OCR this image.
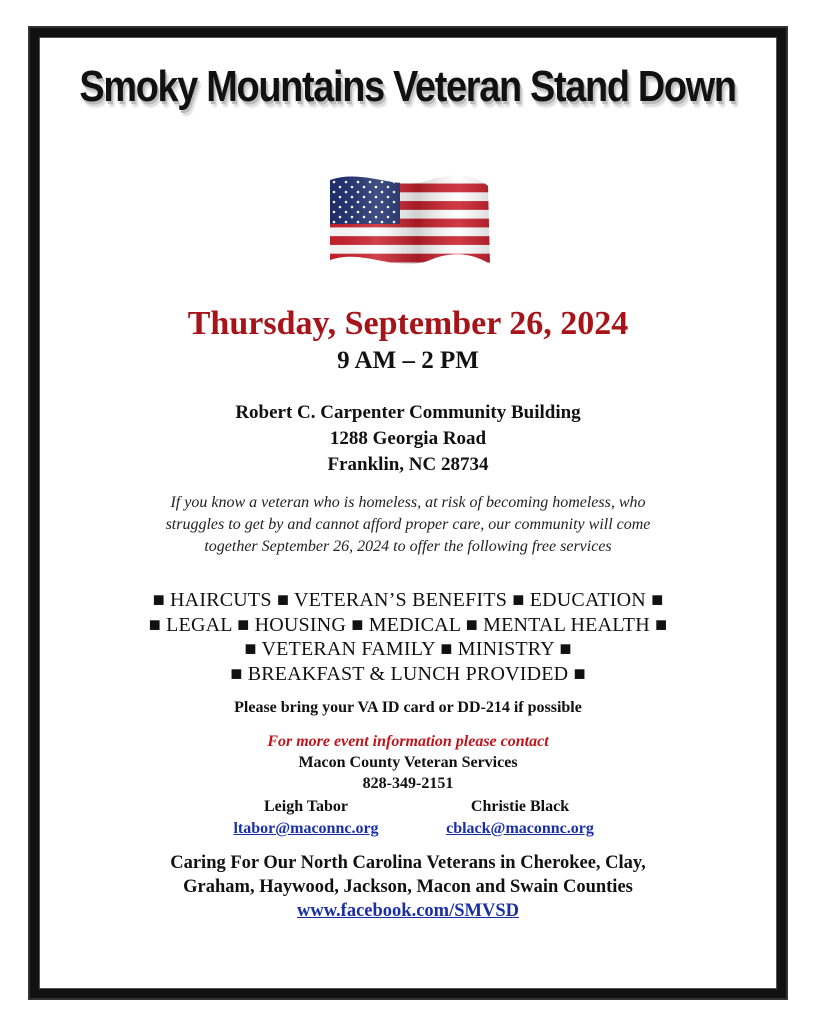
Smoky Mountains Veteran Stand Down
Thursday, September 26, 2024
9 AM – 2 PM
Robert C. Carpenter Community Building
1288 Georgia Road
Franklin, NC 28734
If you know a veteran who is homeless, at risk of becoming homeless, who
struggles to get by and cannot afford proper care, our community will come
together September 26, 2024 to offer the following free services
■ HAIRCUTS ■ VETERAN’S BENEFITS ■ EDUCATION ■
■ LEGAL ■ HOUSING ■ MEDICAL ■ MENTAL HEALTH ■
■ VETERAN FAMILY ■ MINISTRY ■
■ BREAKFAST & LUNCH PROVIDED ■
Please bring your VA ID card or DD-214 if possible
For more event information please contact
Macon County Veteran Services
828-349-2151
Leigh Tabor
ltabor@maconnc.org
Christie Black
cblack@maconnc.org
Caring For Our North Carolina Veterans in Cherokee, Clay,
Graham, Haywood, Jackson, Macon and Swain Counties
www.facebook.com/SMVSD
